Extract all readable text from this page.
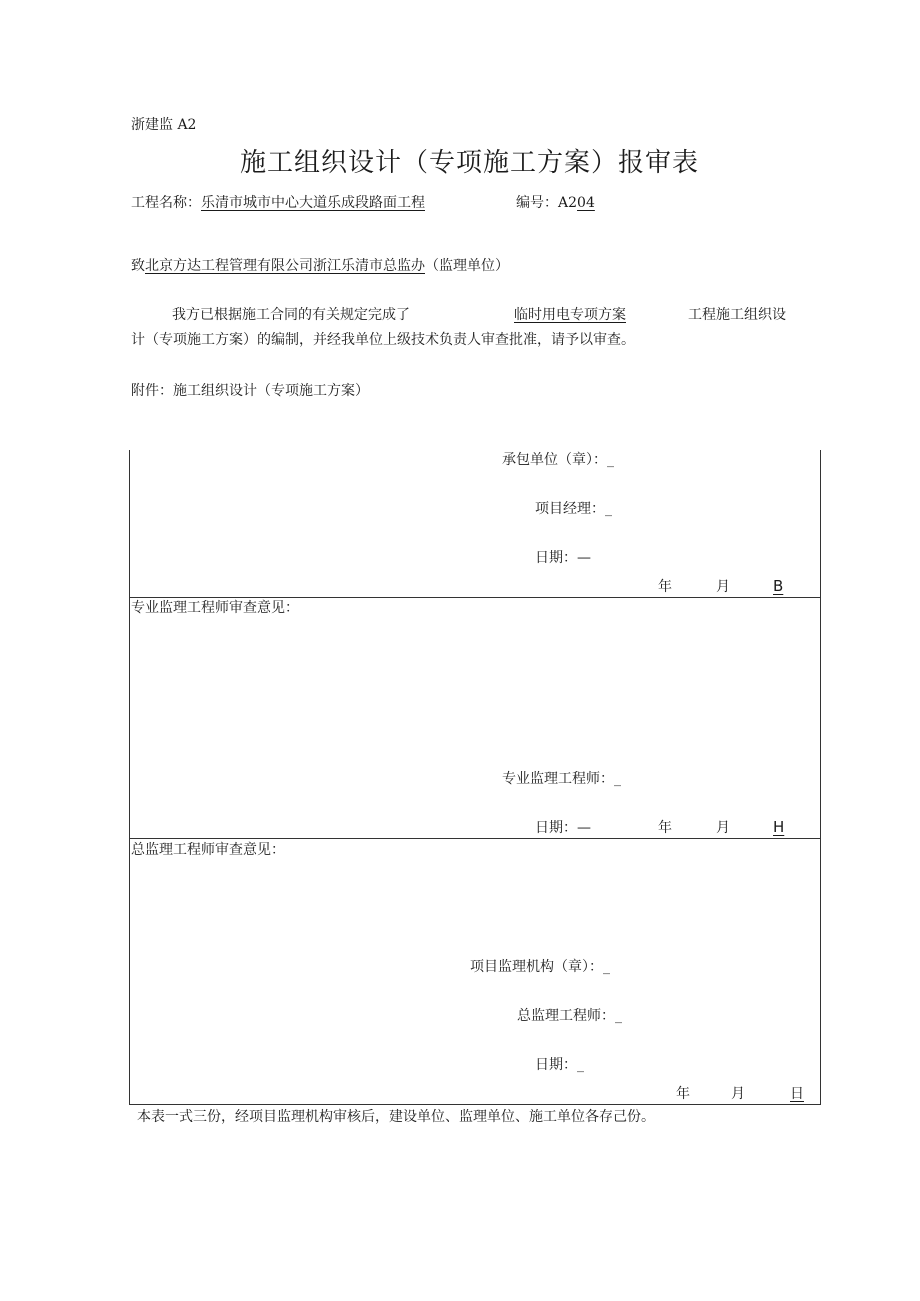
浙建监 A2
施工组织设计（专项施工方案）报审表
工程名称：乐清市城市中心大道乐成段路面工程	编号：A204
致北京方达工程管理有限公司浙江乐清市总监办（监理单位）
我方已根据施工合同的有关规定完成了	临时用电专项方案	工程施工组织设
计（专项施工方案）的编制，并经我单位上级技术负责人审查批准，请予以审查。
附件：施工组织设计（专项施工方案）
承包单位（章）：_
项目经理：_
日期：—
年	月	B
专业监理工程师审查意见：
专业监理工程师：_
日期：—	年	月	H
总监理工程师审查意见：
项目监理机构（章）：_
总监理工程师：_
日期：_
年	月	日
本表一式三份，经项目监理机构审核后，建设单位、监理单位、施工单位各存己份。
